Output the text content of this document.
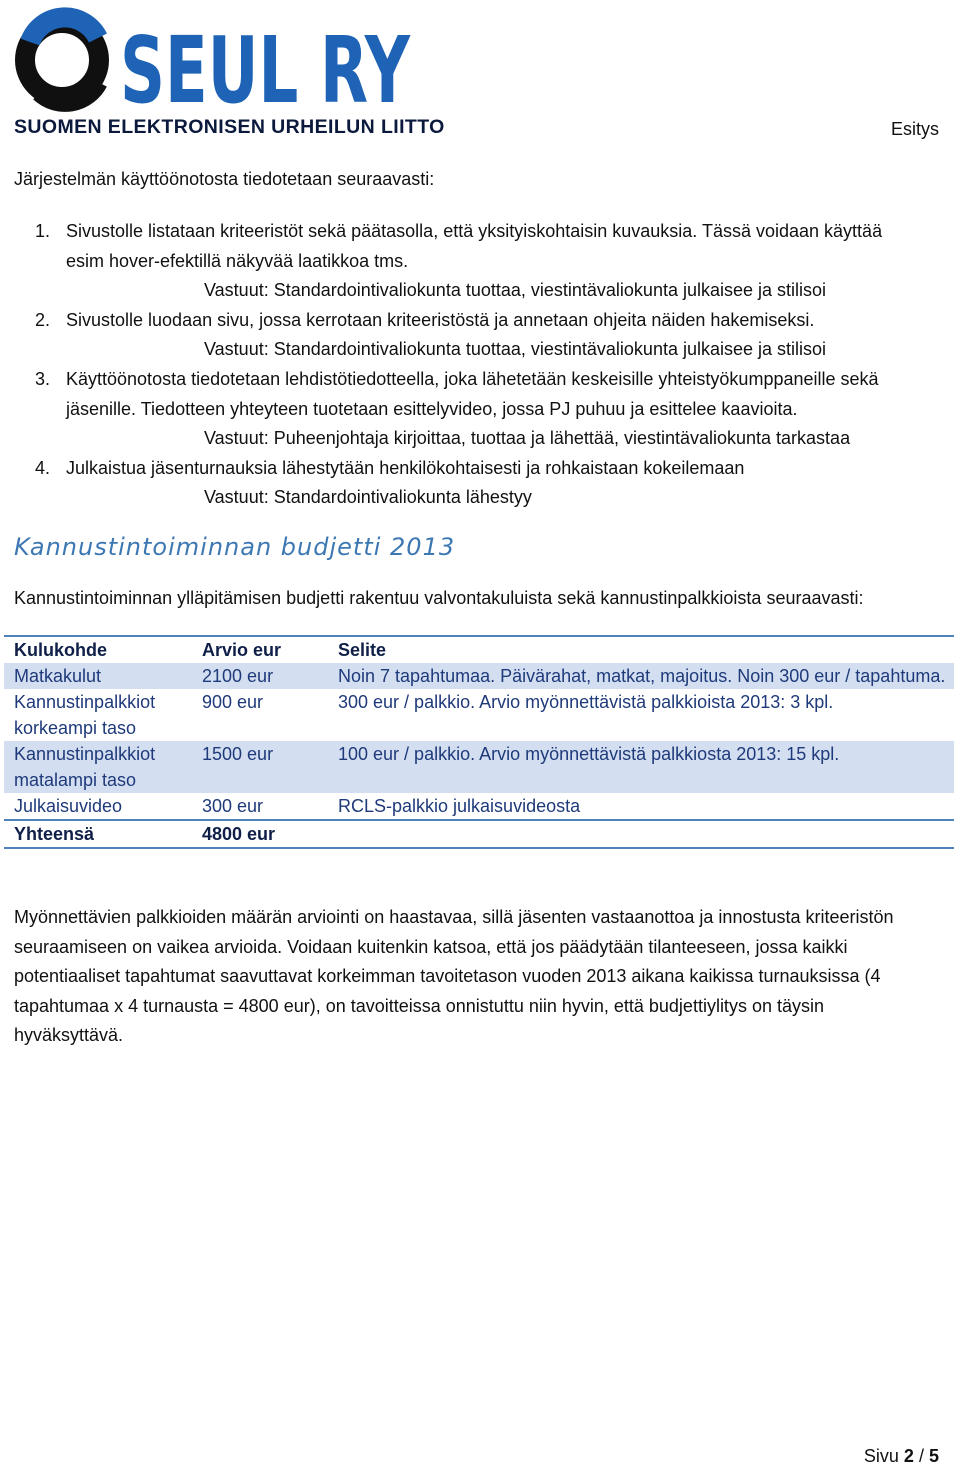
SEUL RY
SUOMEN ELEKTRONISEN URHEILUN LIITTO	Esitys
Järjestelmän käyttöönotosta tiedotetaan seuraavasti:
1. Sivustolle listataan kriteeristöt sekä päätasolla, että yksityiskohtaisin kuvauksia. Tässä voidaan käyttää esim hover-efektillä näkyvää laatikkoa tms.
Vastuut: Standardointivaliokunta tuottaa, viestintävaliokunta julkaisee ja stilisoi
2. Sivustolle luodaan sivu, jossa kerrotaan kriteeristöstä ja annetaan ohjeita näiden hakemiseksi.
Vastuut: Standardointivaliokunta tuottaa, viestintävaliokunta julkaisee ja stilisoi
3. Käyttöönotosta tiedotetaan lehdistötiedotteella, joka lähetetään keskeisille yhteistyökumppaneille sekä jäsenille. Tiedotteen yhteyteen tuotetaan esittelyvideo, jossa PJ puhuu ja esittelee kaavioita.
Vastuut: Puheenjohtaja kirjoittaa, tuottaa ja lähettää, viestintävaliokunta tarkastaa
4. Julkaistua jäsenturnauksia lähestytään henkilökohtaisesti ja rohkaistaan kokeilemaan
Vastuut: Standardointivaliokunta lähestyy
Kannustintoiminnan budjetti 2013
Kannustintoiminnan ylläpitämisen budjetti rakentuu valvontakuluista sekä kannustinpalkkioista seuraavasti:
Kulukohde	Arvio eur	Selite
Matkakulut	2100 eur	Noin 7 tapahtumaa. Päivärahat, matkat, majoitus. Noin 300 eur / tapahtuma.
Kannustinpalkkiot korkeampi taso	900 eur	300 eur / palkkio. Arvio myönnettävistä palkkioista 2013: 3 kpl.
Kannustinpalkkiot matalampi taso	1500 eur	100 eur / palkkio. Arvio myönnettävistä palkkiosta 2013: 15 kpl.
Julkaisuvideo	300 eur	RCLS-palkkio julkaisuvideosta
Yhteensä	4800 eur	
Myönnettävien palkkioiden määrän arviointi on haastavaa, sillä jäsenten vastaanottoa ja innostusta kriteeristön seuraamiseen on vaikea arvioida. Voidaan kuitenkin katsoa, että jos päädytään tilanteeseen, jossa kaikki potentiaaliset tapahtumat saavuttavat korkeimman tavoitetason vuoden 2013 aikana kaikissa turnauksissa (4 tapahtumaa x 4 turnausta = 4800 eur), on tavoitteissa onnistuttu niin hyvin, että budjettiylitys on täysin hyväksyttävä.
Sivu 2 / 5
